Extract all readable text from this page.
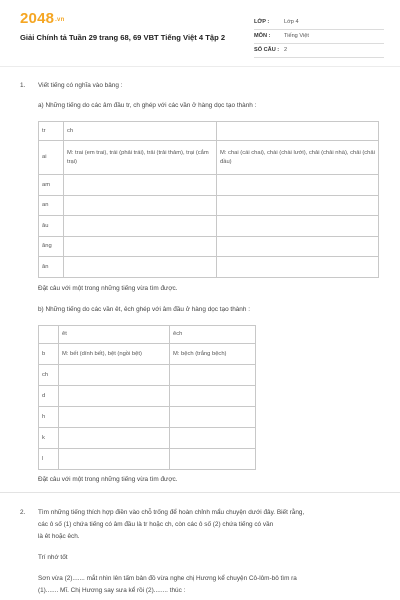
2048.vn
Giải Chính tả Tuần 29 trang 68, 69 VBT Tiếng Việt 4 Tập 2
LỚP :	Lớp 4
MÔN : Tiếng Việt
SỐ CÂU : 2
1. Viết tiếng có nghĩa vào bảng :
a) Những tiếng do các âm đầu tr, ch ghép với các vần ở hàng dọc tạo thành :
tr	ch	
ai	M: trai (em trai), trái (phải trái), trải (trải thảm), trại (cắm trại)	M: chai (cái chai), chài (chài lưới), chải (chải nhà), chải (chải đầu)
am		
an		
âu		
ăng		
ân		
Đặt câu với một trong những tiếng vừa tìm được.
b) Những tiếng do các vần êt, êch ghép với âm đầu ở hàng dọc tạo thành :
	êt	êch
b	M: bết (dính bết), bệt (ngồi bệt)	M: bệch (trắng bệch)
ch		
d		
h		
k		
l		
Đặt câu với một trong những tiếng vừa tìm được.
2. Tìm những tiếng thích hợp điền vào chỗ trống để hoàn chỉnh mẩu chuyện dưới đây. Biết rằng,
các ô số (1) chứa tiếng có âm đầu là tr hoặc ch, còn các ô số (2) chứa tiếng có vần
là êt hoặc êch.
Trí nhớ tốt
Sơn vừa (2)....... mắt nhìn lên tấm bản đồ vừa nghe chị Hương kể chuyện Cô-lôm-bô tìm ra
(1)....... Mĩ. Chị Hương say sưa kể rồi (2)........ thúc :
